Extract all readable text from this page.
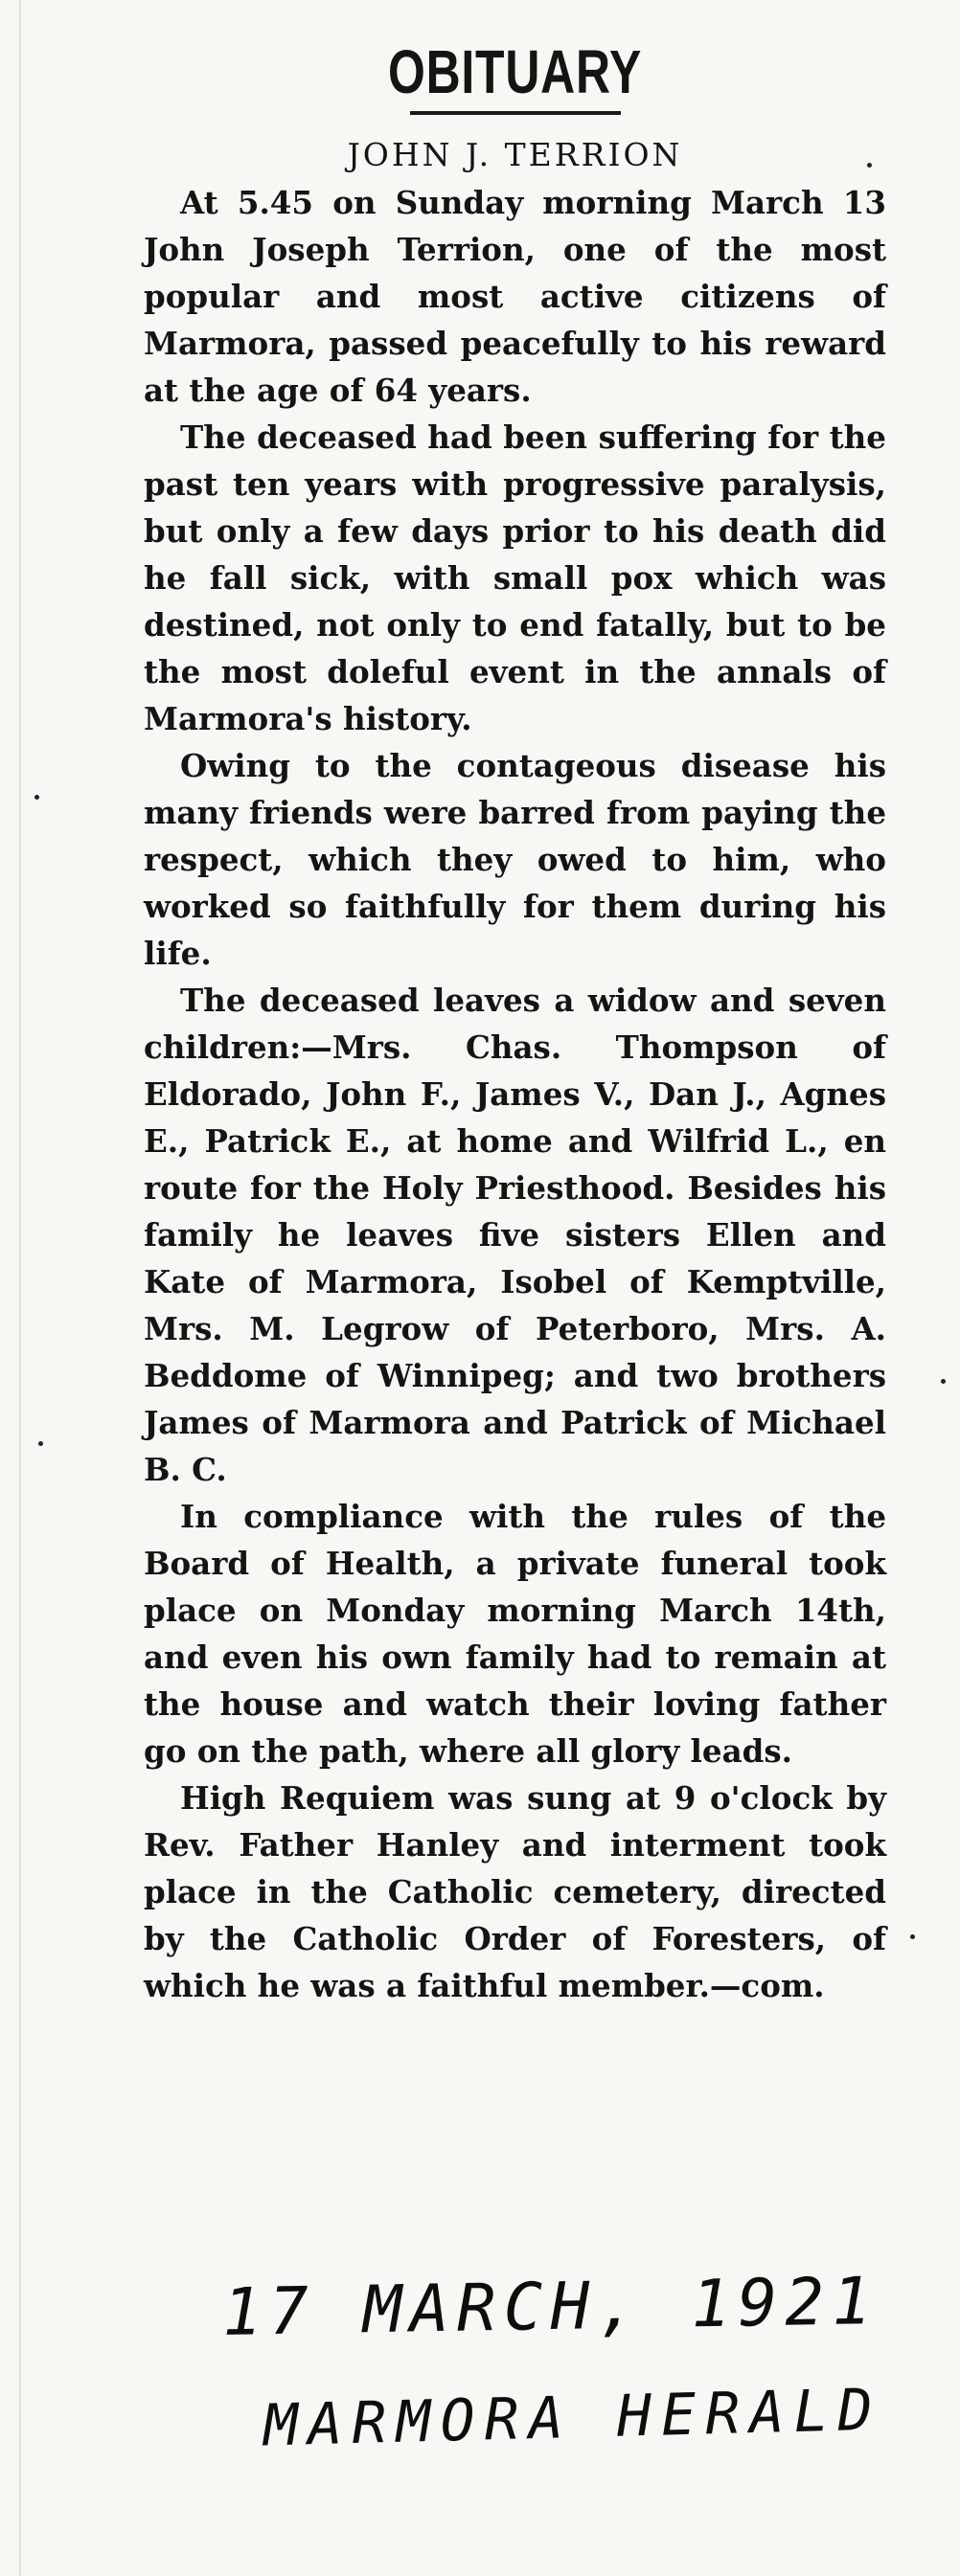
OBITUARY
JOHN J. TERRION

At 5.45 on Sunday morning March 13 John Joseph Terrion, one of the most popular and most active citizens of Marmora, passed peacefully to his reward at the age of 64 years.

The deceased had been suffering for the past ten years with progressive paralysis, but only a few days prior to his death did he fall sick, with small pox which was destined, not only to end fatally, but to be the most doleful event in the annals of Marmora's history.

Owing to the contageous disease his many friends were barred from paying the respect, which they owed to him, who worked so faithfully for them during his life.

The deceased leaves a widow and seven children:—Mrs. Chas. Thompson of Eldorado, John F., James V., Dan J., Agnes E., Patrick E., at home and Wilfrid L., en route for the Holy Priesthood. Besides his family he leaves five sisters Ellen and Kate of Marmora, Isobel of Kemptville, Mrs. M. Legrow of Peterboro, Mrs. A. Beddome of Winnipeg; and two brothers James of Marmora and Patrick of Michael B. C.

In compliance with the rules of the Board of Health, a private funeral took place on Monday morning March 14th, and even his own family had to remain at the house and watch their loving father go on the path, where all glory leads.

High Requiem was sung at 9 o'clock by Rev. Father Hanley and interment took place in the Catholic cemetery, directed by the Catholic Order of Foresters, of which he was a faithful member.—com.

17 MARCH, 1921
MARMORA HERALD
